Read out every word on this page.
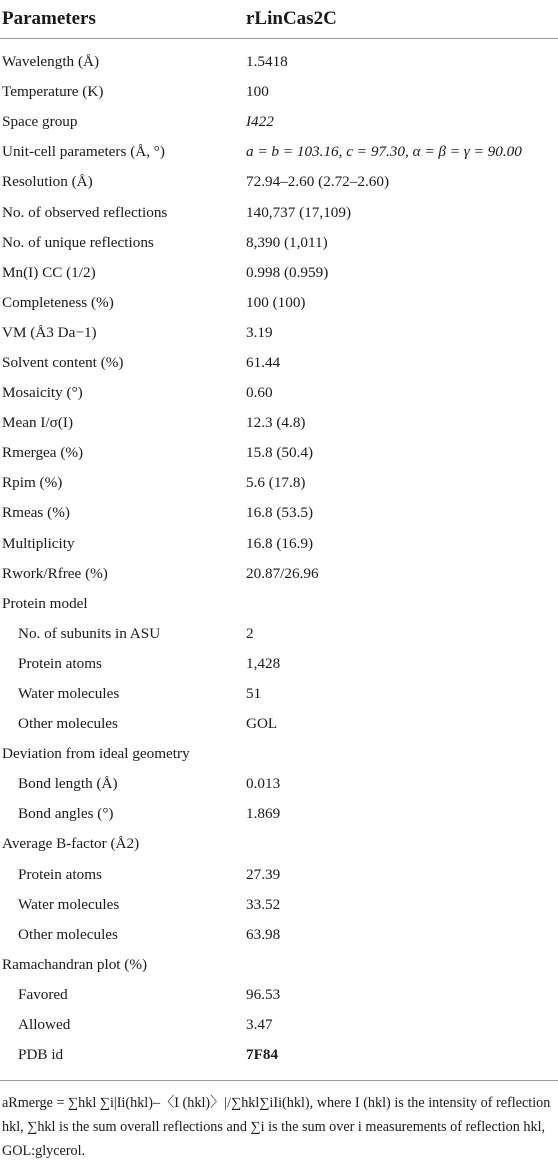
Parameters	rLinCas2C
Wavelength (Å)	1.5418
Temperature (K)	100
Space group	I422
Unit-cell parameters (Å, °)	a = b = 103.16, c = 97.30, α = β = γ = 90.00
Resolution (Å)	72.94–2.60 (2.72–2.60)
No. of observed reflections	140,737 (17,109)
No. of unique reflections	8,390 (1,011)
Mn(I) CC (1/2)	0.998 (0.959)
Completeness (%)	100 (100)
VM (Å3 Da−1)	3.19
Solvent content (%)	61.44
Mosaicity (°)	0.60
Mean I/σ(I)	12.3 (4.8)
Rmergea (%)	15.8 (50.4)
Rpim (%)	5.6 (17.8)
Rmeas (%)	16.8 (53.5)
Multiplicity	16.8 (16.9)
Rwork/Rfree (%)	20.87/26.96
Protein model
No. of subunits in ASU	2
Protein atoms	1,428
Water molecules	51
Other molecules	GOL
Deviation from ideal geometry
Bond length (Å)	0.013
Bond angles (°)	1.869
Average B-factor (Å2)
Protein atoms	27.39
Water molecules	33.52
Other molecules	63.98
Ramachandran plot (%)
Favored	96.53
Allowed	3.47
PDB id	7F84
aRmerge = ∑hkl ∑i|Ii(hkl)–〈I (hkl)〉|/∑hkl∑iIi(hkl), where I (hkl) is the intensity of reflection hkl, ∑hkl is the sum overall reflections and ∑i is the sum over i measurements of reflection hkl, GOL:glycerol.
